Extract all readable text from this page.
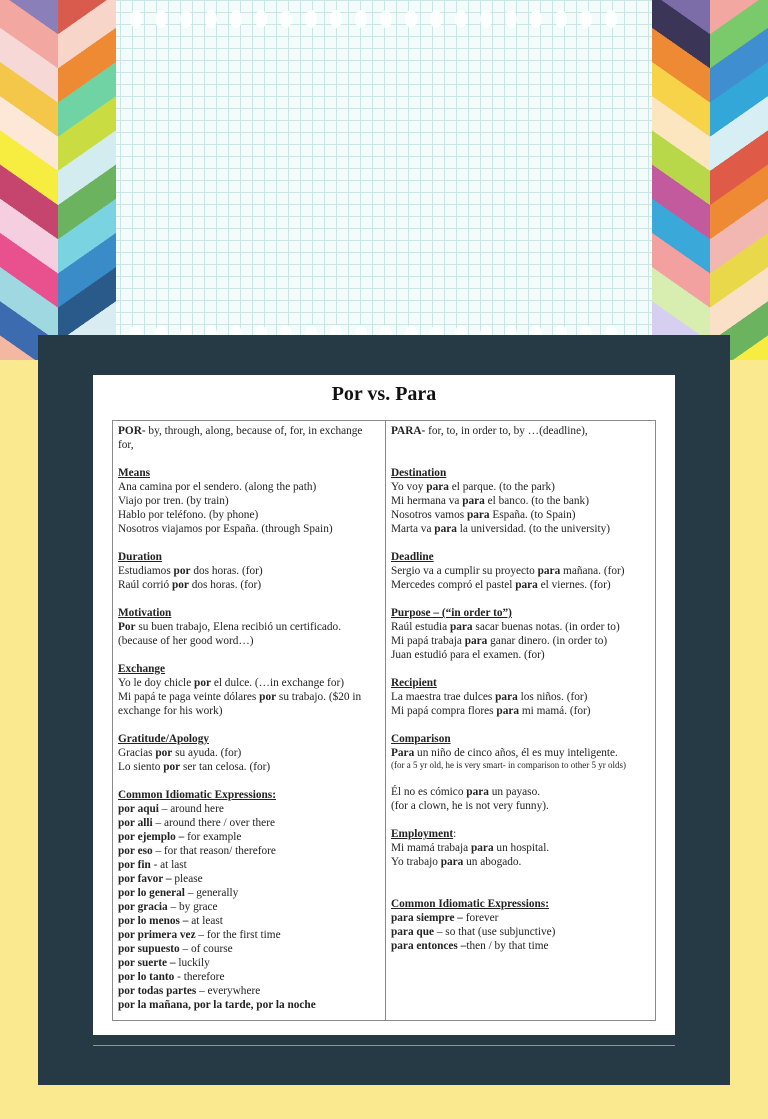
Por vs. Para
POR- by, through, along, because of, for, in exchange for,
Means
Ana camina por el sendero. (along the path)
Viajo por tren. (by train)
Hablo por teléfono. (by phone)
Nosotros viajamos por España. (through Spain)
Duration
Estudiamos por dos horas. (for)
Raúl corrió por dos horas. (for)
Motivation
Por su buen trabajo, Elena recibió un certificado.
(because of her good word…)
Exchange
Yo le doy chicle por el dulce. (…in exchange for)
Mi papá te paga veinte dólares por su trabajo. ($20 in exchange for his work)
Gratitude/Apology
Gracias por su ayuda. (for)
Lo siento por ser tan celosa. (for)
Common Idiomatic Expressions:
por aqui – around here
por alli – around there / over there
por ejemplo – for example
por eso – for that reason/ therefore
por fin - at last
por favor – please
por lo general – generally
por gracia – by grace
por lo menos – at least
por primera vez – for the first time
por supuesto – of course
por suerte – luckily
por lo tanto - therefore
por todas partes – everywhere
por la mañana, por la tarde, por la noche
PARA- for, to, in order to, by …(deadline),
Destination
Yo voy para el parque. (to the park)
Mi hermana va para el banco. (to the bank)
Nosotros vamos para España. (to Spain)
Marta va para la universidad. (to the university)
Deadline
Sergio va a cumplir su proyecto para mañana. (for)
Mercedes compró el pastel para el viernes. (for)
Purpose – (“in order to”)
Raúl estudia para sacar buenas notas. (in order to)
Mi papá trabaja para ganar dinero. (in order to)
Juan estudió para el examen. (for)
Recipient
La maestra trae dulces para los niños. (for)
Mi papá compra flores para mi mamá. (for)
Comparison
Para un niño de cinco años, él es muy inteligente.
(for a 5 yr old, he is very smart- in comparison to other 5 yr olds)
Él no es cómico para un payaso.
(for a clown, he is not very funny).
Employment:
Mi mamá trabaja para un hospital.
Yo trabajo para un abogado.
Common Idiomatic Expressions:
para siempre – forever
para que – so that (use subjunctive)
para entonces –then / by that time
